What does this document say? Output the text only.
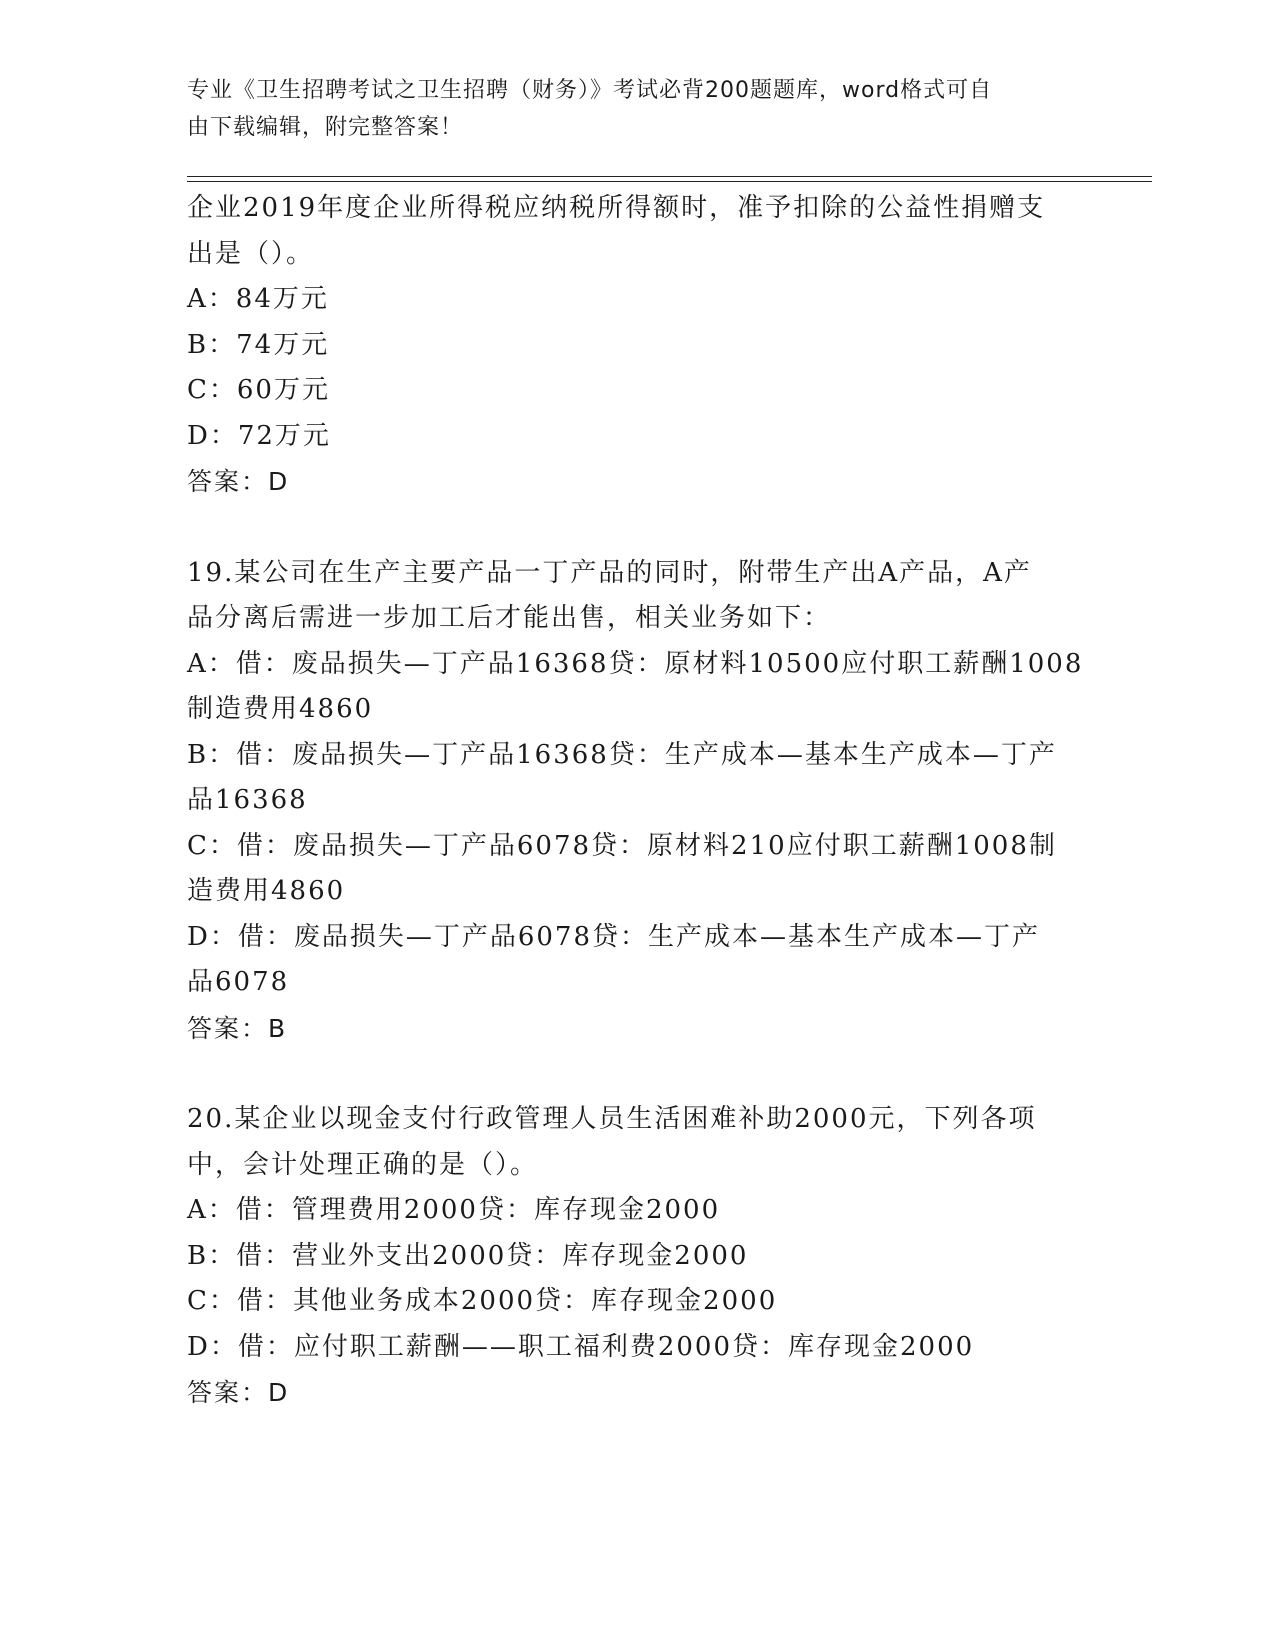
专业《卫生招聘考试之卫生招聘（财务）》考试必背200题题库，word格式可自
由下载编辑，附完整答案！
企业2019年度企业所得税应纳税所得额时，准予扣除的公益性捐赠支
出是（）。
A：84万元
B：74万元
C：60万元
D：72万元
答案：D
19.某公司在生产主要产品一丁产品的同时，附带生产出A产品，A产
品分离后需进一步加工后才能出售，相关业务如下：
A：借：废品损失—丁产品16368贷：原材料10500应付职工薪酬1008
制造费用4860
B：借：废品损失—丁产品16368贷：生产成本—基本生产成本—丁产
品16368
C：借：废品损失—丁产品6078贷：原材料210应付职工薪酬1008制
造费用4860
D：借：废品损失—丁产品6078贷：生产成本—基本生产成本—丁产
品6078
答案：B
20.某企业以现金支付行政管理人员生活困难补助2000元，下列各项
中，会计处理正确的是（）。
A：借：管理费用2000贷：库存现金2000
B：借：营业外支出2000贷：库存现金2000
C：借：其他业务成本2000贷：库存现金2000
D：借：应付职工薪酬——职工福利费2000贷：库存现金2000
答案：D
